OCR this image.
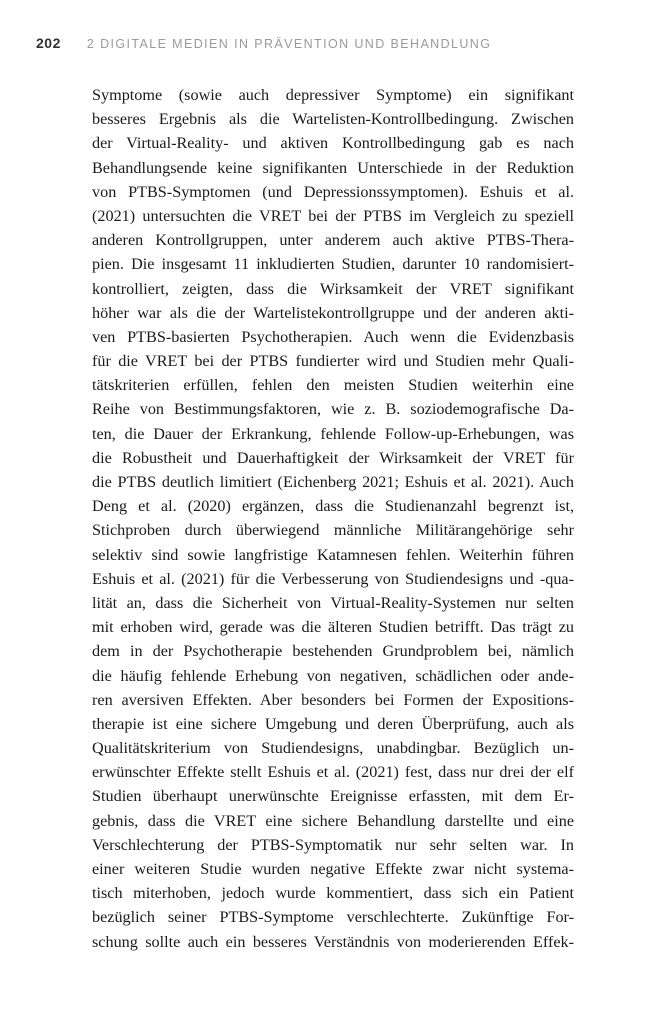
202 2 DIGITALE MEDIEN IN PRÄVENTION UND BEHANDLUNG
Symptome (sowie auch depressiver Symptome) ein signifikant
besseres Ergebnis als die Wartelisten-Kontrollbedingung. Zwischen
der Virtual-Reality- und aktiven Kontrollbedingung gab es nach
Behandlungsende keine signifikanten Unterschiede in der Reduktion
von PTBS-Symptomen (und Depressionssymptomen). Eshuis et al.
(2021) untersuchten die VRET bei der PTBS im Vergleich zu speziell
anderen Kontrollgruppen, unter anderem auch aktive PTBS-Thera-
pien. Die insgesamt 11 inkludierten Studien, darunter 10 randomisiert-
kontrolliert, zeigten, dass die Wirksamkeit der VRET signifikant
höher war als die der Wartelistekontrollgruppe und der anderen akti-
ven PTBS-basierten Psychotherapien. Auch wenn die Evidenzbasis
für die VRET bei der PTBS fundierter wird und Studien mehr Quali-
tätskriterien erfüllen, fehlen den meisten Studien weiterhin eine
Reihe von Bestimmungsfaktoren, wie z. B. soziodemografische Da-
ten, die Dauer der Erkrankung, fehlende Follow-up-Erhebungen, was
die Robustheit und Dauerhaftigkeit der Wirksamkeit der VRET für
die PTBS deutlich limitiert (Eichenberg 2021; Eshuis et al. 2021). Auch
Deng et al. (2020) ergänzen, dass die Studienanzahl begrenzt ist,
Stichproben durch überwiegend männliche Militärangehörige sehr
selektiv sind sowie langfristige Katamnesen fehlen. Weiterhin führen
Eshuis et al. (2021) für die Verbesserung von Studiendesigns und -qua-
lität an, dass die Sicherheit von Virtual-Reality-Systemen nur selten
mit erhoben wird, gerade was die älteren Studien betrifft. Das trägt zu
dem in der Psychotherapie bestehenden Grundproblem bei, nämlich
die häufig fehlende Erhebung von negativen, schädlichen oder ande-
ren aversiven Effekten. Aber besonders bei Formen der Expositions-
therapie ist eine sichere Umgebung und deren Überprüfung, auch als
Qualitätskriterium von Studiendesigns, unabdingbar. Bezüglich un-
erwünschter Effekte stellt Eshuis et al. (2021) fest, dass nur drei der elf
Studien überhaupt unerwünschte Ereignisse erfassten, mit dem Er-
gebnis, dass die VRET eine sichere Behandlung darstellte und eine
Verschlechterung der PTBS-Symptomatik nur sehr selten war. In
einer weiteren Studie wurden negative Effekte zwar nicht systema-
tisch miterhoben, jedoch wurde kommentiert, dass sich ein Patient
bezüglich seiner PTBS-Symptome verschlechterte. Zukünftige For-
schung sollte auch ein besseres Verständnis von moderierenden Effek-
